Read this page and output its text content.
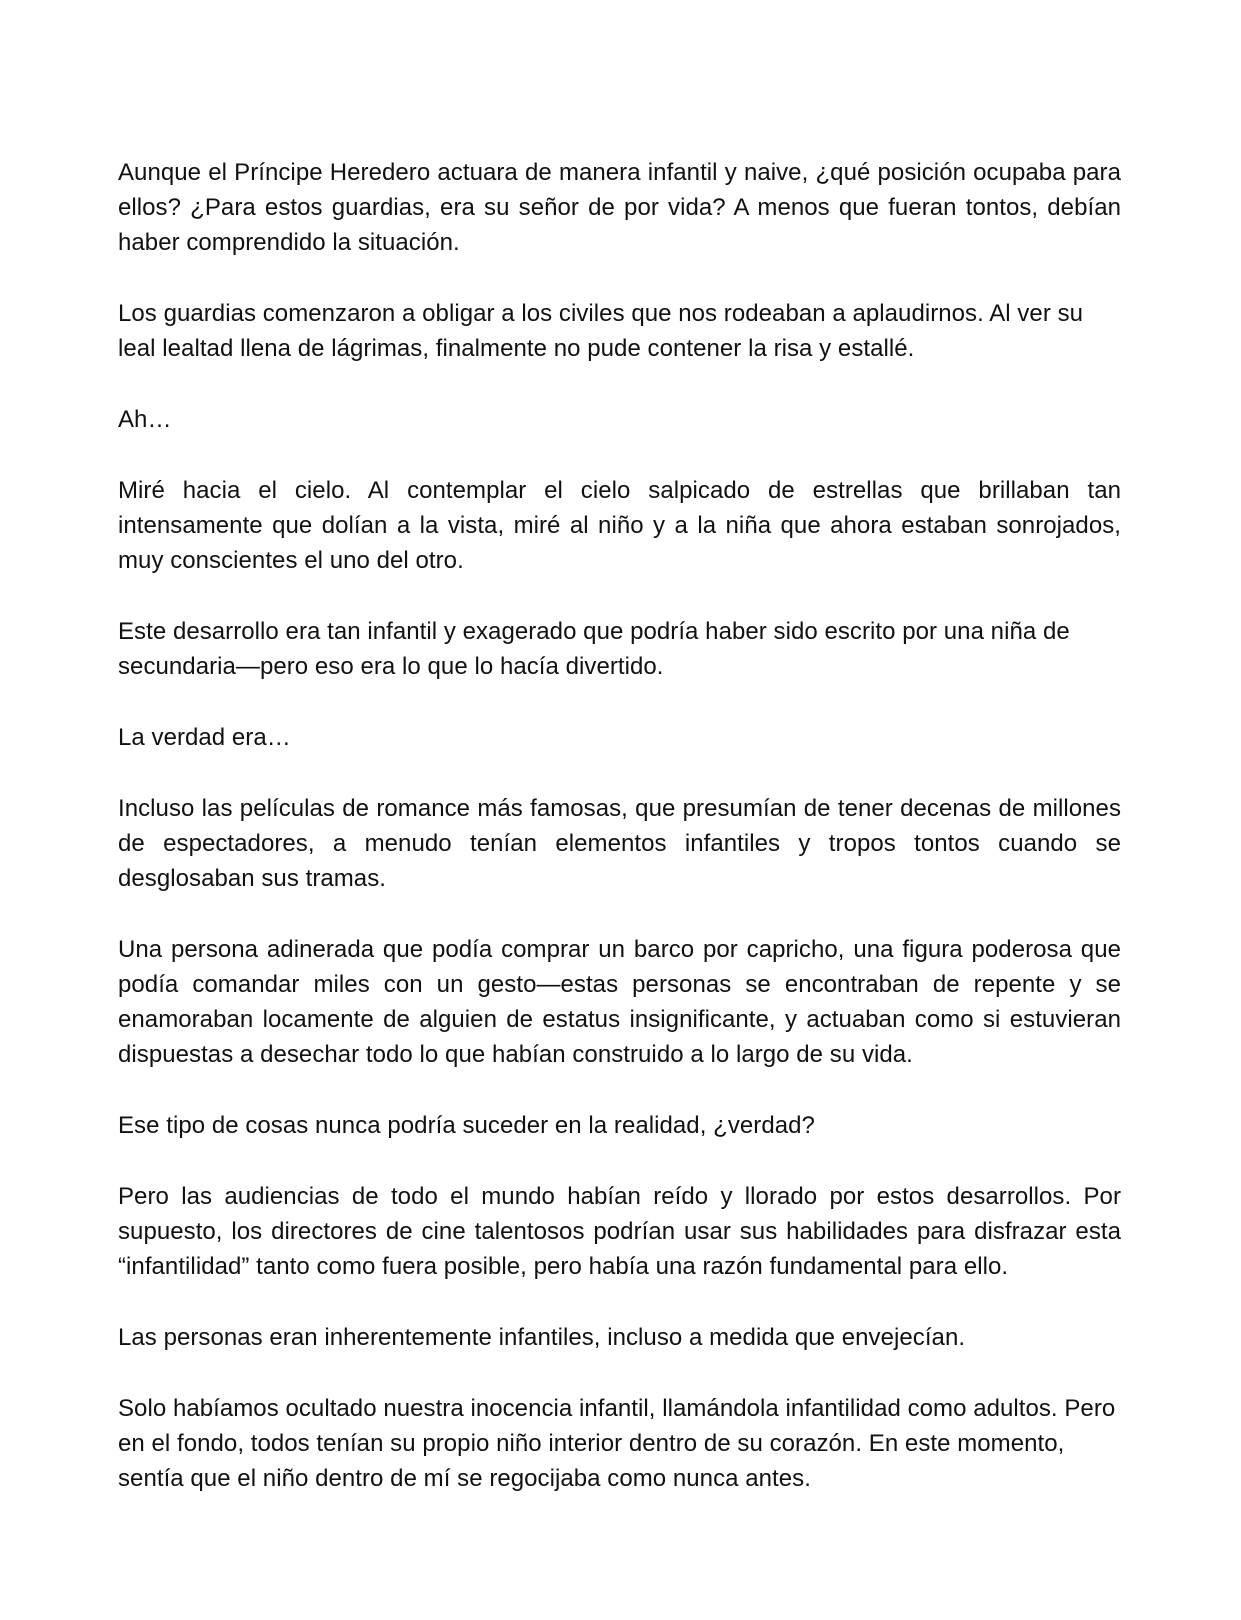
Aunque el Príncipe Heredero actuara de manera infantil y naive, ¿qué posición ocupaba para ellos? ¿Para estos guardias, era su señor de por vida? A menos que fueran tontos, debían haber comprendido la situación.

Los guardias comenzaron a obligar a los civiles que nos rodeaban a aplaudirnos. Al ver su leal lealtad llena de lágrimas, finalmente no pude contener la risa y estallé.

Ah…

Miré hacia el cielo. Al contemplar el cielo salpicado de estrellas que brillaban tan intensamente que dolían a la vista, miré al niño y a la niña que ahora estaban sonrojados, muy conscientes el uno del otro.

Este desarrollo era tan infantil y exagerado que podría haber sido escrito por una niña de secundaria—pero eso era lo que lo hacía divertido.

La verdad era…

Incluso las películas de romance más famosas, que presumían de tener decenas de millones de espectadores, a menudo tenían elementos infantiles y tropos tontos cuando se desglosaban sus tramas.

Una persona adinerada que podía comprar un barco por capricho, una figura poderosa que podía comandar miles con un gesto—estas personas se encontraban de repente y se enamoraban locamente de alguien de estatus insignificante, y actuaban como si estuvieran dispuestas a desechar todo lo que habían construido a lo largo de su vida.

Ese tipo de cosas nunca podría suceder en la realidad, ¿verdad?

Pero las audiencias de todo el mundo habían reído y llorado por estos desarrollos. Por supuesto, los directores de cine talentosos podrían usar sus habilidades para disfrazar esta “infantilidad” tanto como fuera posible, pero había una razón fundamental para ello.

Las personas eran inherentemente infantiles, incluso a medida que envejecían.

Solo habíamos ocultado nuestra inocencia infantil, llamándola infantilidad como adultos. Pero en el fondo, todos tenían su propio niño interior dentro de su corazón. En este momento, sentía que el niño dentro de mí se regocijaba como nunca antes.
